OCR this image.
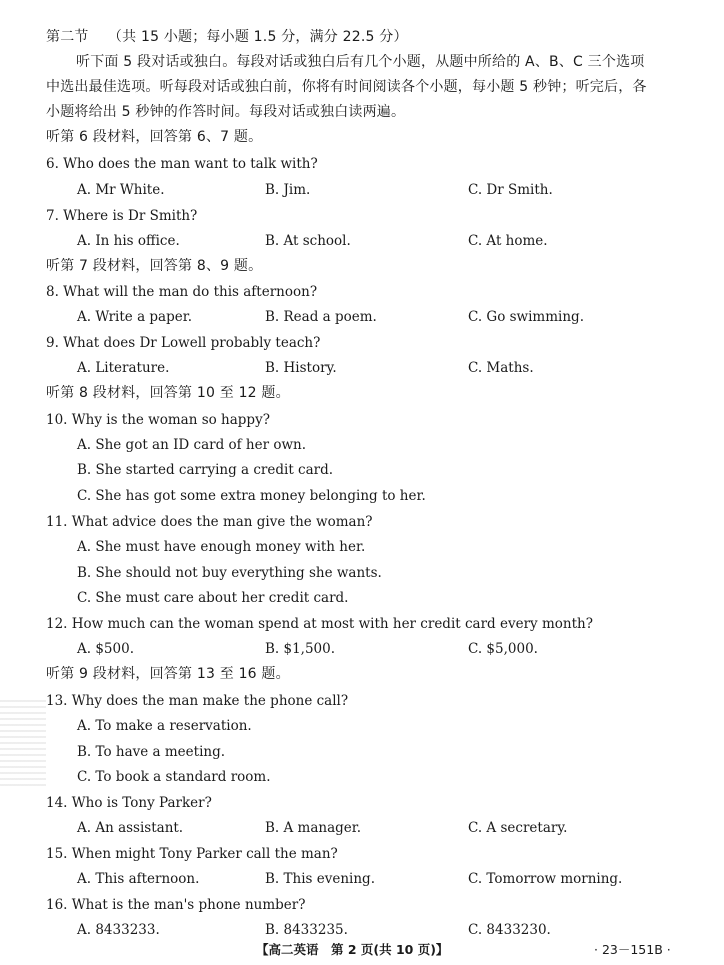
第二节 （共 15 小题；每小题 1.5 分，满分 22.5 分）
听下面 5 段对话或独白。每段对话或独白后有几个小题，从题中所给的 A、B、C 三个选项
中选出最佳选项。听每段对话或独白前，你将有时间阅读各个小题，每小题 5 秒钟；听完后，各
小题将给出 5 秒钟的作答时间。每段对话或独白读两遍。
听第 6 段材料，回答第 6、7 题。
6. Who does the man want to talk with?
A. Mr White.	B. Jim.	C. Dr Smith.
7. Where is Dr Smith?
A. In his office.	B. At school.	C. At home.
听第 7 段材料，回答第 8、9 题。
8. What will the man do this afternoon?
A. Write a paper.	B. Read a poem.	C. Go swimming.
9. What does Dr Lowell probably teach?
A. Literature.	B. History.	C. Maths.
听第 8 段材料，回答第 10 至 12 题。
10. Why is the woman so happy?
A. She got an ID card of her own.
B. She started carrying a credit card.
C. She has got some extra money belonging to her.
11. What advice does the man give the woman?
A. She must have enough money with her.
B. She should not buy everything she wants.
C. She must care about her credit card.
12. How much can the woman spend at most with her credit card every month?
A. $500.	B. $1,500.	C. $5,000.
听第 9 段材料，回答第 13 至 16 题。
13. Why does the man make the phone call?
A. To make a reservation.
B. To have a meeting.
C. To book a standard room.
14. Who is Tony Parker?
A. An assistant.	B. A manager.	C. A secretary.
15. When might Tony Parker call the man?
A. This afternoon.	B. This evening.	C. Tomorrow morning.
16. What is the man's phone number?
A. 8433233.	B. 8433235.	C. 8433230.
【高二英语　第 2 页(共 10 页)】	· 23－151B ·
